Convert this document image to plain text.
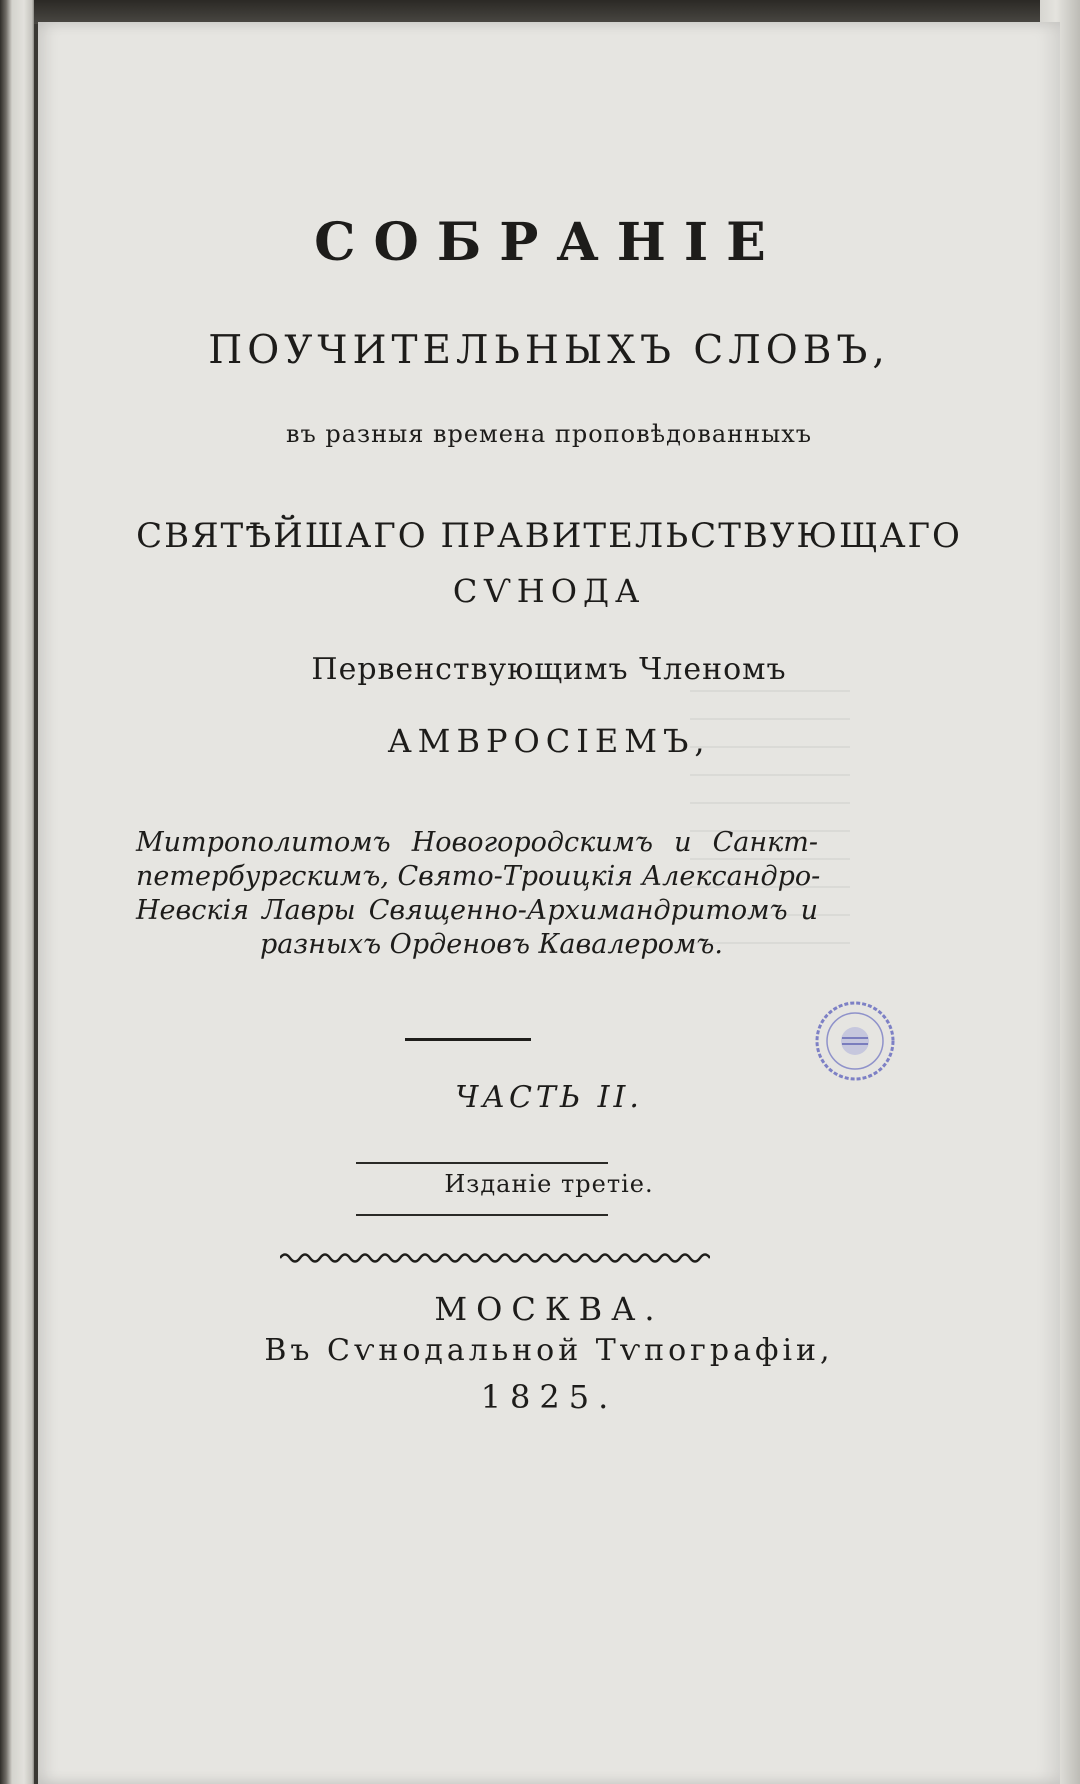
СОБРАНІЕ
ПОУЧИТЕЛЬНЫХЪ СЛОВЪ,
въ разныя времена проповѣдованныхъ
СВЯТѢЙШАГО ПРАВИТЕЛЬСТВУЮЩАГО
СѴНОДА
Первенствующимъ Членомъ
АМВРОСІЕМЪ,
Митрополитомъ Новогородскимъ и Санкт-
петербургскимъ, Свято-Троицкія Александро-
Невскія Лавры Священно-Архимандритомъ и
разныхъ Орденовъ Кавалеромъ.
ЧАСТЬ II.
Изданіе третіе.
МОСКВА.
Въ Сѵнодальной Тѵпографіи,
1825.
